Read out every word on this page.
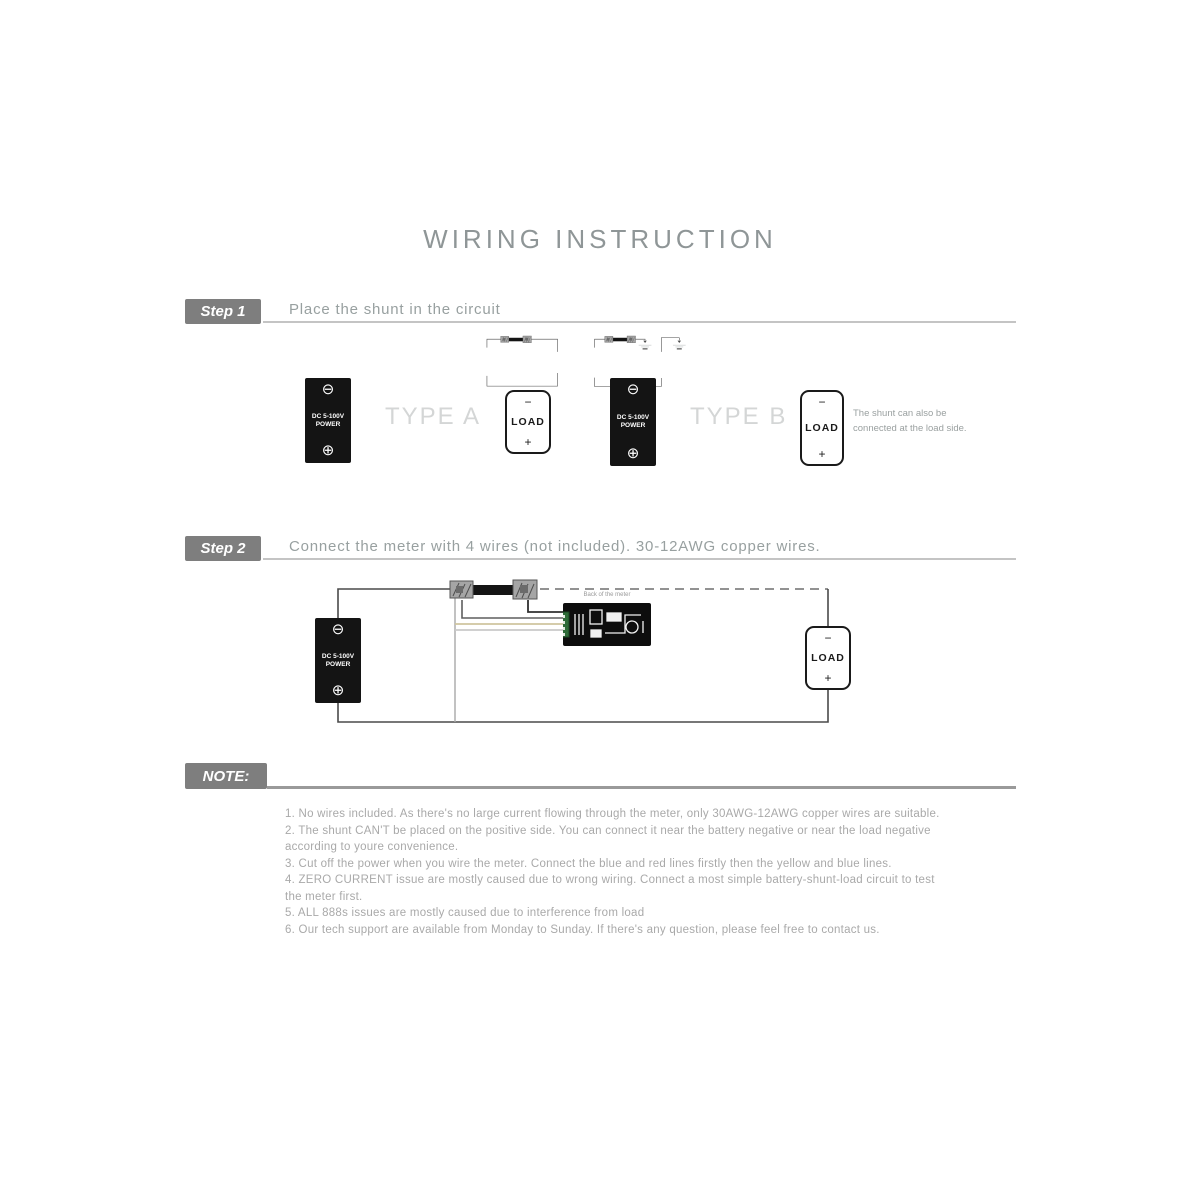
WIRING INSTRUCTION
Step 1	Place the shunt in the circuit
⊖
DC 5-100V
POWER
⊕
TYPE A
−
LOAD
+
⊖
DC 5-100V
POWER
⊕
TYPE B
−
LOAD
+
The shunt can also be
connected at the load side.
Step 2	Connect the meter with 4 wires (not included). 30-12AWG copper wires.
⊖
DC 5-100V
POWER
⊕
Back of the meter
−
LOAD
+
NOTE:

1. No wires included. As there's no large current flowing through the meter, only 30AWG-12AWG copper wires are suitable.

2. The shunt CAN'T be placed on the positive side. You can connect it near the battery negative or near the load negative according to youre convenience.

3. Cut off the power when you wire the meter. Connect the blue and red lines firstly then the yellow and blue lines.

4. ZERO CURRENT issue are mostly caused due to wrong wiring. Connect a most simple battery-shunt-load circuit to test the meter first.

5. ALL 888s issues are mostly caused due to interference from load

6. Our tech support are available from Monday to Sunday. If there's any question, please feel free to contact us.
